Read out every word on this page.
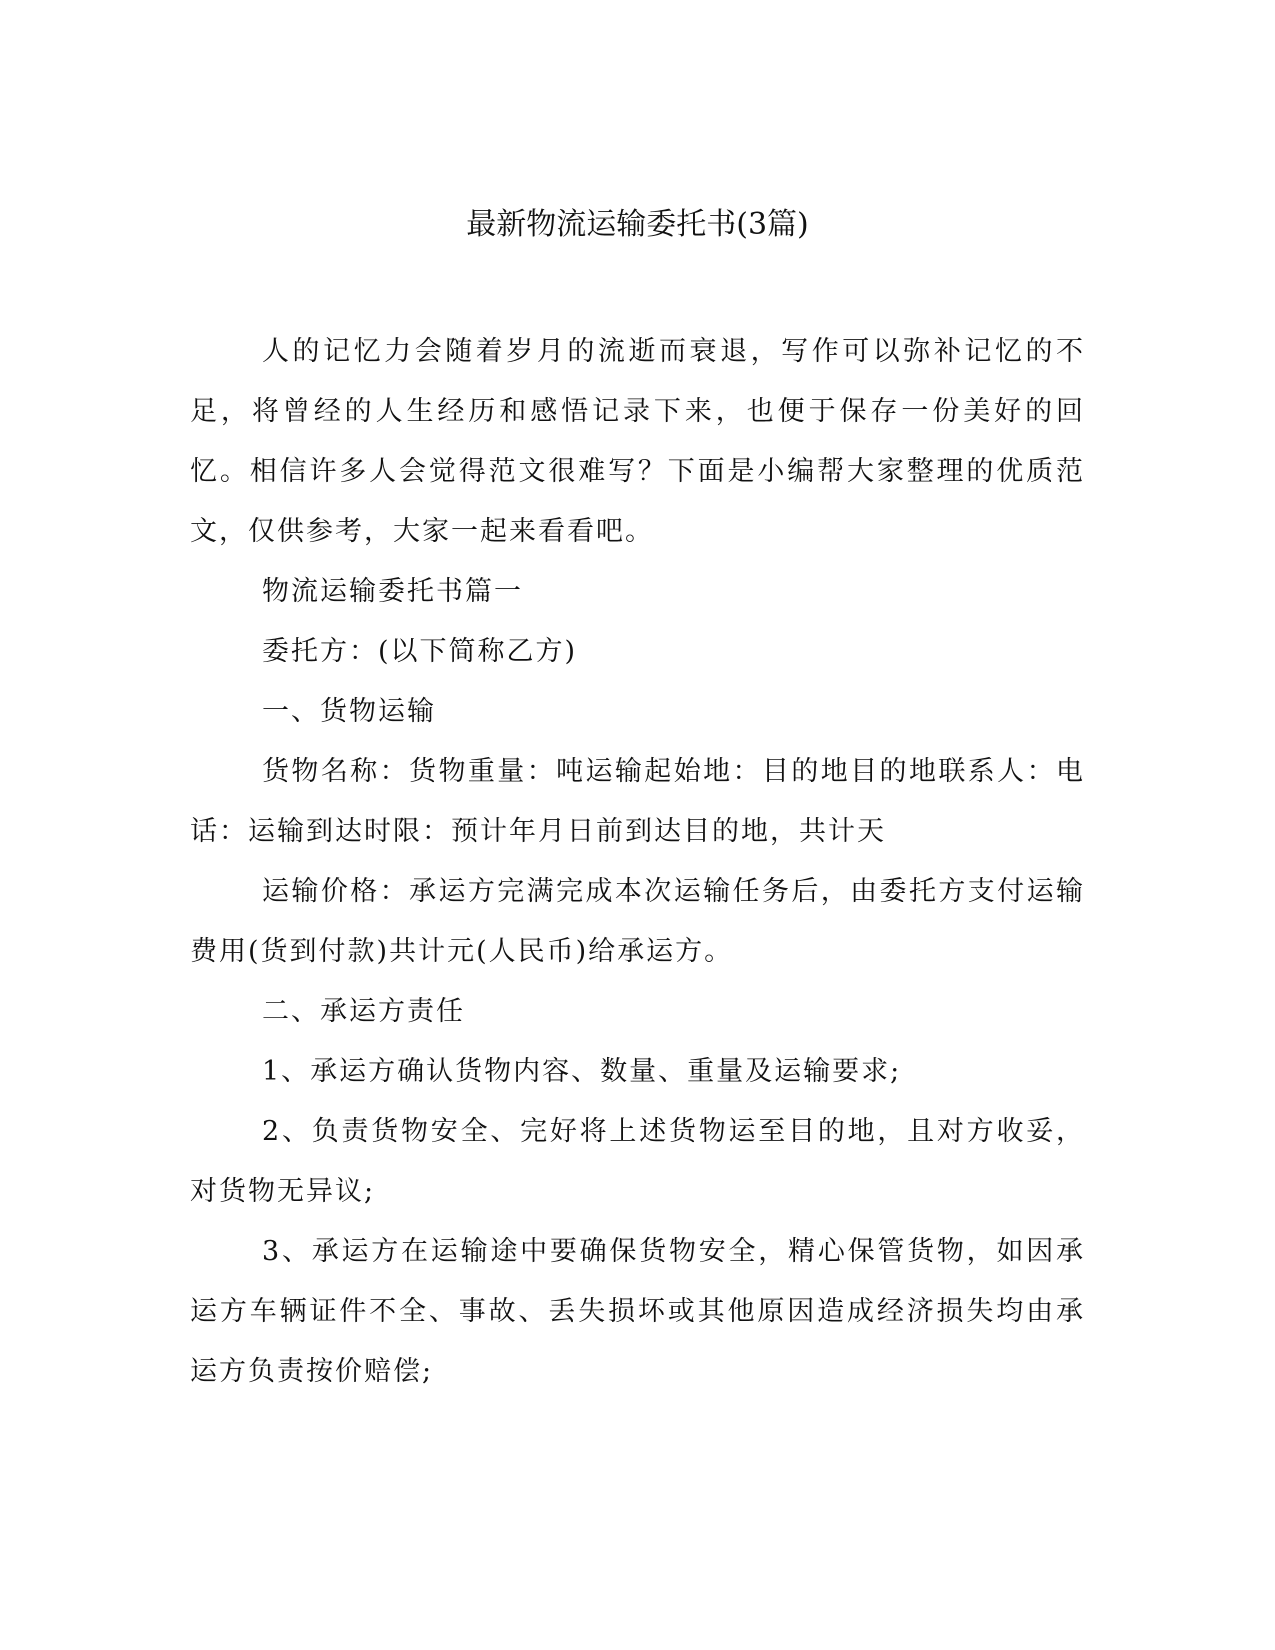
最新物流运输委托书(3篇)

人的记忆力会随着岁月的流逝而衰退，写作可以弥补记忆的不足，将曾经的人生经历和感悟记录下来，也便于保存一份美好的回忆。相信许多人会觉得范文很难写？下面是小编帮大家整理的优质范文，仅供参考，大家一起来看看吧。

物流运输委托书篇一

委托方：(以下简称乙方)

一、货物运输

货物名称：货物重量：吨运输起始地：目的地目的地联系人：电话：运输到达时限：预计年月日前到达目的地，共计天

运输价格：承运方完满完成本次运输任务后，由委托方支付运输费用(货到付款)共计元(人民币)给承运方。

二、承运方责任

1、承运方确认货物内容、数量、重量及运输要求;

2、负责货物安全、完好将上述货物运至目的地，且对方收妥，对货物无异议;

3、承运方在运输途中要确保货物安全，精心保管货物，如因承运方车辆证件不全、事故、丢失损坏或其他原因造成经济损失均由承运方负责按价赔偿;
